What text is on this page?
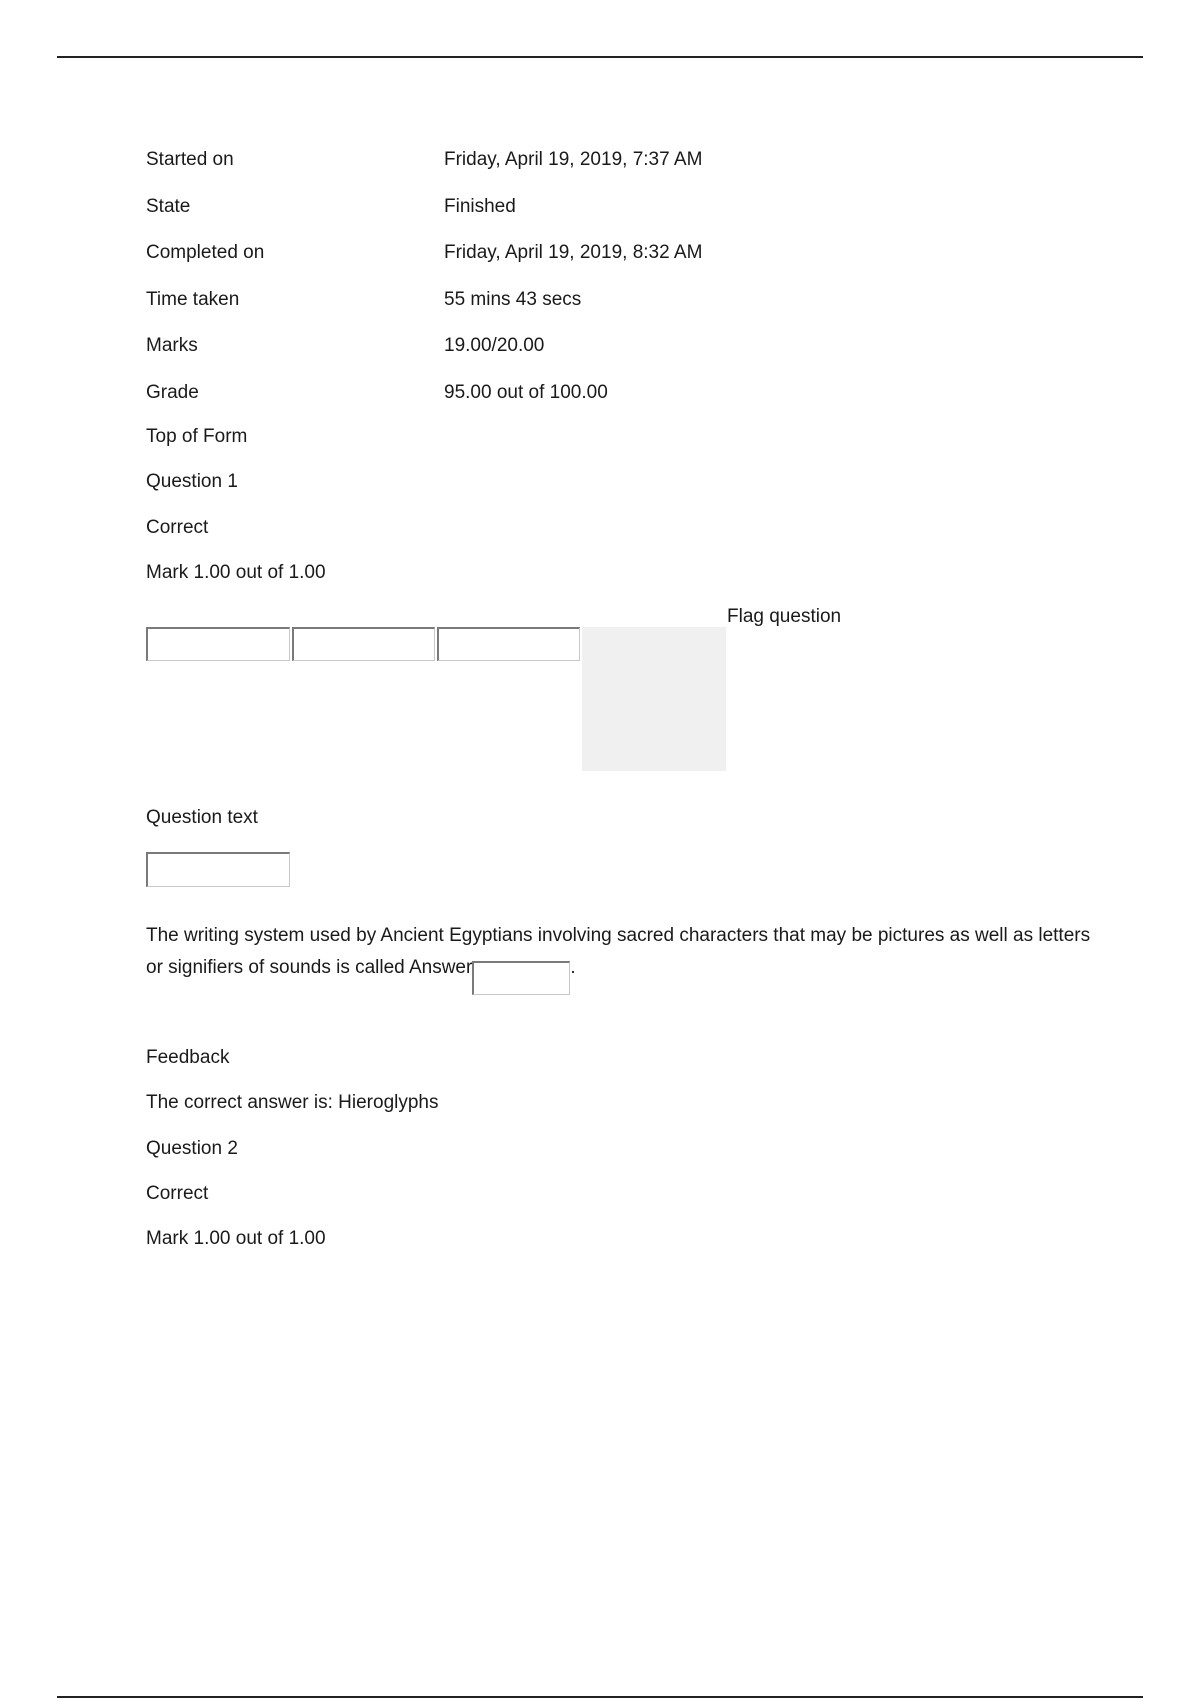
Started on	Friday, April 19, 2019, 7:37 AM
State	Finished
Completed on	Friday, April 19, 2019, 8:32 AM
Time taken	55 mins 43 secs
Marks	19.00/20.00
Grade	95.00 out of 100.00
Top of Form
Question 1
Correct
Mark 1.00 out of 1.00
Flag question
Question text
The writing system used by Ancient Egyptians involving sacred characters that may be pictures as well as letters or signifiers of sounds is called Answer	.
Feedback
The correct answer is: Hieroglyphs
Question 2
Correct
Mark 1.00 out of 1.00
